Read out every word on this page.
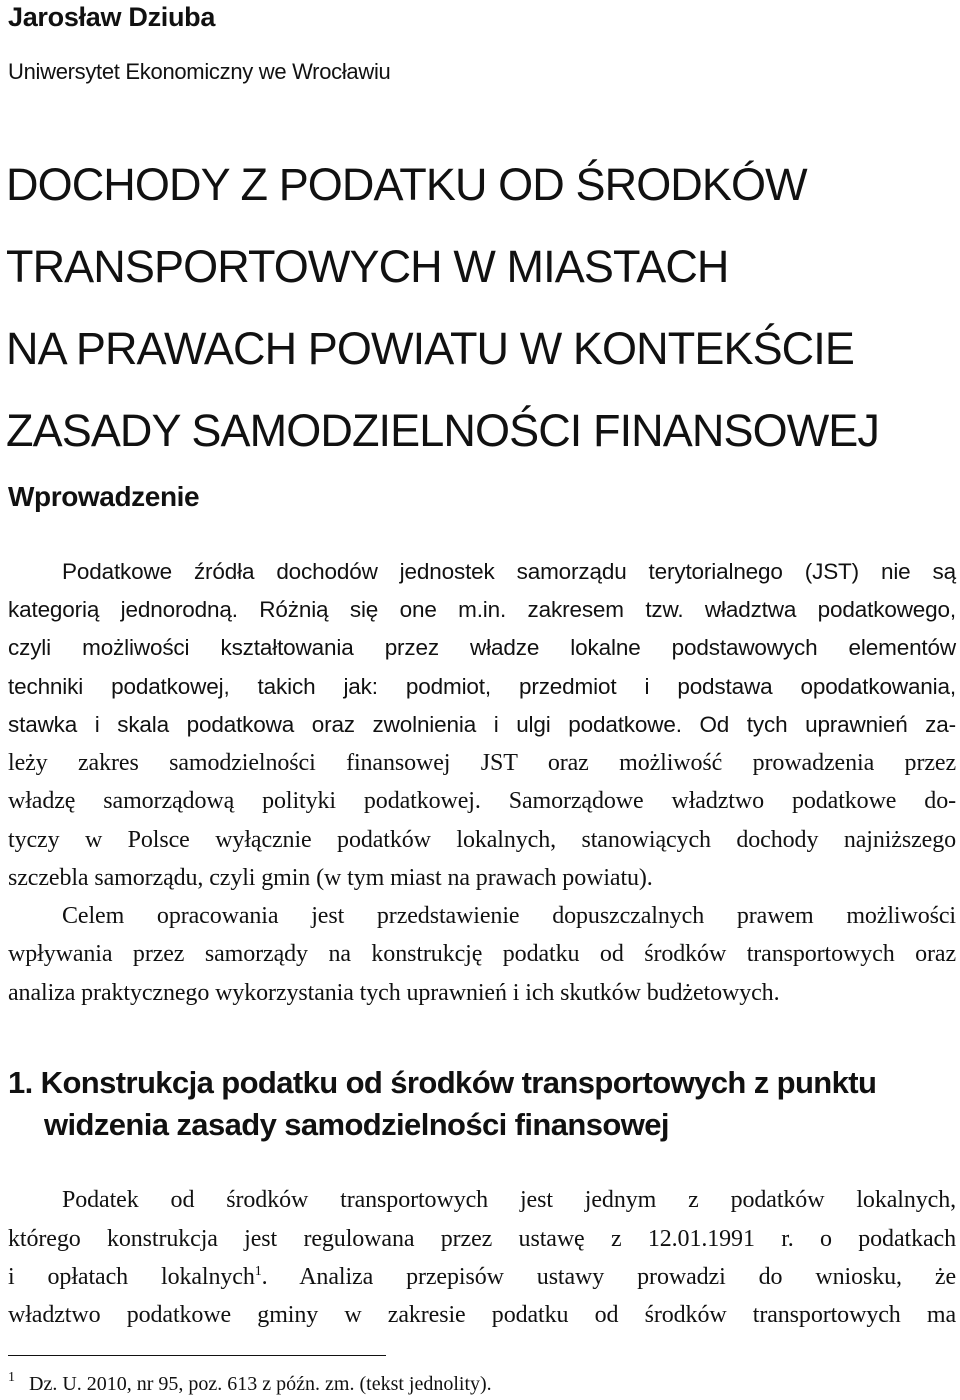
Jarosław Dziuba
Uniwersytet Ekonomiczny we Wrocławiu
DOCHODY Z PODATKU OD ŚRODKÓW
TRANSPORTOWYCH W MIASTACH
NA PRAWACH POWIATU W KONTEKŚCIE
ZASADY SAMODZIELNOŚCI FINANSOWEJ
Wprowadzenie
Podatkowe źródła dochodów jednostek samorządu terytorialnego (JST) nie są
kategorią jednorodną. Różnią się one m.in. zakresem tzw. władztwa podatkowego,
czyli możliwości kształtowania przez władze lokalne podstawowych elementów
techniki podatkowej, takich jak: podmiot, przedmiot i podstawa opodatkowania,
stawka i skala podatkowa oraz zwolnienia i ulgi podatkowe. Od tych uprawnień za-
leży zakres samodzielności finansowej JST oraz możliwość prowadzenia przez
władzę samorządową polityki podatkowej. Samorządowe władztwo podatkowe do-
tyczy w Polsce wyłącznie podatków lokalnych, stanowiących dochody najniższego
szczebla samorządu, czyli gmin (w tym miast na prawach powiatu).
Celem opracowania jest przedstawienie dopuszczalnych prawem możliwości
wpływania przez samorządy na konstrukcję podatku od środków transportowych oraz
analiza praktycznego wykorzystania tych uprawnień i ich skutków budżetowych.
1. Konstrukcja podatku od środków transportowych z punktu
widzenia zasady samodzielności finansowej
Podatek od środków transportowych jest jednym z podatków lokalnych,
którego konstrukcja jest regulowana przez ustawę z 12.01.1991 r. o podatkach
i opłatach lokalnych$^1$. Analiza przepisów ustawy prowadzi do wniosku, że
władztwo podatkowe gminy w zakresie podatku od środków transportowych ma
$^1$ Dz. U. 2010, nr 95, poz. 613 z późn. zm. (tekst jednolity).
